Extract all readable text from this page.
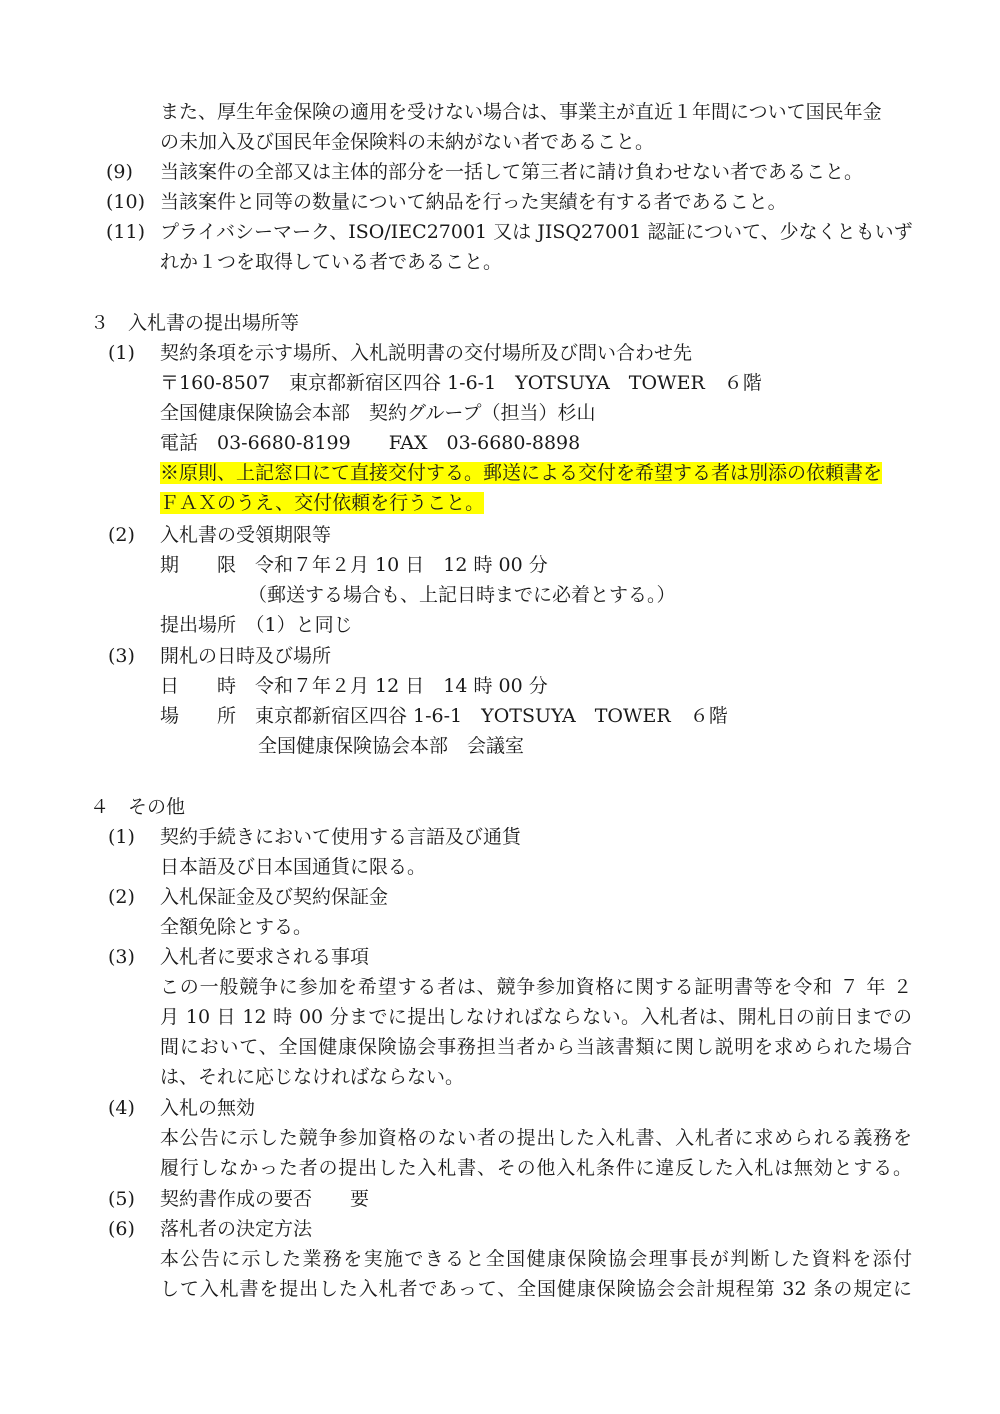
また、厚生年金保険の適用を受けない場合は、事業主が直近１年間について国民年金
の未加入及び国民年金保険料の未納がない者であること。
(9) 当該案件の全部又は主体的部分を一括して第三者に請け負わせない者であること。
(10) 当該案件と同等の数量について納品を行った実績を有する者であること。
(11) プライバシーマーク、ISO/IEC27001 又は JISQ27001 認証について、少なくともいず
れか１つを取得している者であること。
３　入札書の提出場所等
(1) 契約条項を示す場所、入札説明書の交付場所及び問い合わせ先
〒160-8507　東京都新宿区四谷 1-6-1　YOTSUYA　TOWER　６階
全国健康保険協会本部　契約グループ（担当）杉山
電話　03-6680-8199　　FAX　03-6680-8898
※原則、上記窓口にて直接交付する。郵送による交付を希望する者は別添の依頼書を
ＦＡＸのうえ、交付依頼を行うこと。
(2) 入札書の受領期限等
期　　限　令和７年２月 10 日　12 時 00 分
（郵送する場合も、上記日時までに必着とする。）
提出場所　（1）と同じ
(3) 開札の日時及び場所
日　　時　令和７年２月 12 日　14 時 00 分
場　　所　東京都新宿区四谷 1-6-1　YOTSUYA　TOWER　６階
全国健康保険協会本部　会議室
４　その他
(1) 契約手続きにおいて使用する言語及び通貨
日本語及び日本国通貨に限る。
(2) 入札保証金及び契約保証金
全額免除とする。
(3) 入札者に要求される事項
この一般競争に参加を希望する者は、競争参加資格に関する証明書等を令和 ７ 年 ２
月 10 日 12 時 00 分までに提出しなければならない。入札者は、開札日の前日までの
間において、全国健康保険協会事務担当者から当該書類に関し説明を求められた場合
は、それに応じなければならない。
(4) 入札の無効
本公告に示した競争参加資格のない者の提出した入札書、入札者に求められる義務を
履行しなかった者の提出した入札書、その他入札条件に違反した入札は無効とする。
(5) 契約書作成の要否　　要
(6) 落札者の決定方法
本公告に示した業務を実施できると全国健康保険協会理事長が判断した資料を添付
して入札書を提出した入札者であって、全国健康保険協会会計規程第 32 条の規定に
